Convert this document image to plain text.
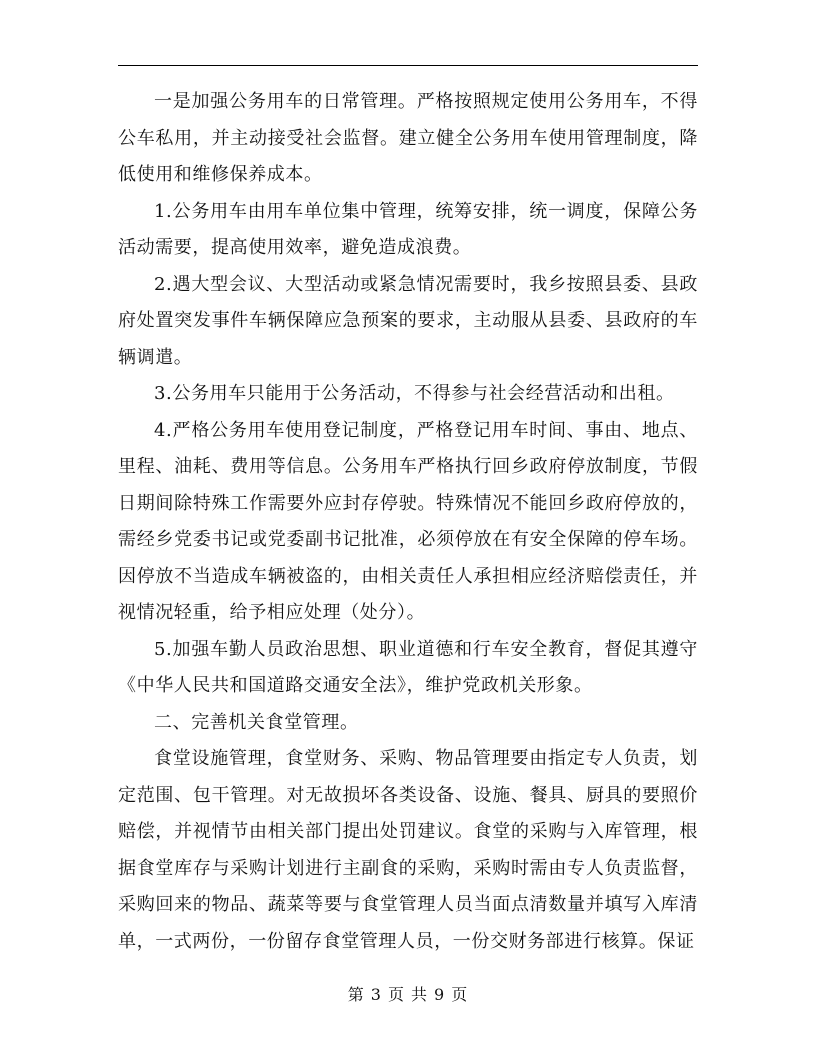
一是加强公务用车的日常管理。严格按照规定使用公务用车，不得公车私用，并主动接受社会监督。建立健全公务用车使用管理制度，降低使用和维修保养成本。

1.公务用车由用车单位集中管理，统筹安排，统一调度，保障公务活动需要，提高使用效率，避免造成浪费。

2.遇大型会议、大型活动或紧急情况需要时，我乡按照县委、县政府处置突发事件车辆保障应急预案的要求，主动服从县委、县政府的车辆调遣。

3.公务用车只能用于公务活动，不得参与社会经营活动和出租。

4.严格公务用车使用登记制度，严格登记用车时间、事由、地点、里程、油耗、费用等信息。公务用车严格执行回乡政府停放制度，节假日期间除特殊工作需要外应封存停驶。特殊情况不能回乡政府停放的，需经乡党委书记或党委副书记批准，必须停放在有安全保障的停车场。因停放不当造成车辆被盗的，由相关责任人承担相应经济赔偿责任，并视情况轻重，给予相应处理（处分）。

5.加强车勤人员政治思想、职业道德和行车安全教育，督促其遵守《中华人民共和国道路交通安全法》，维护党政机关形象。

二、完善机关食堂管理。

食堂设施管理，食堂财务、采购、物品管理要由指定专人负责，划定范围、包干管理。对无故损坏各类设备、设施、餐具、厨具的要照价赔偿，并视情节由相关部门提出处罚建议。食堂的采购与入库管理，根据食堂库存与采购计划进行主副食的采购，采购时需由专人负责监督，采购回来的物品、蔬菜等要与食堂管理人员当面点清数量并填写入库清单，一式两份，一份留存食堂管理人员，一份交财务部进行核算。保证

第 3 页 共 9 页
